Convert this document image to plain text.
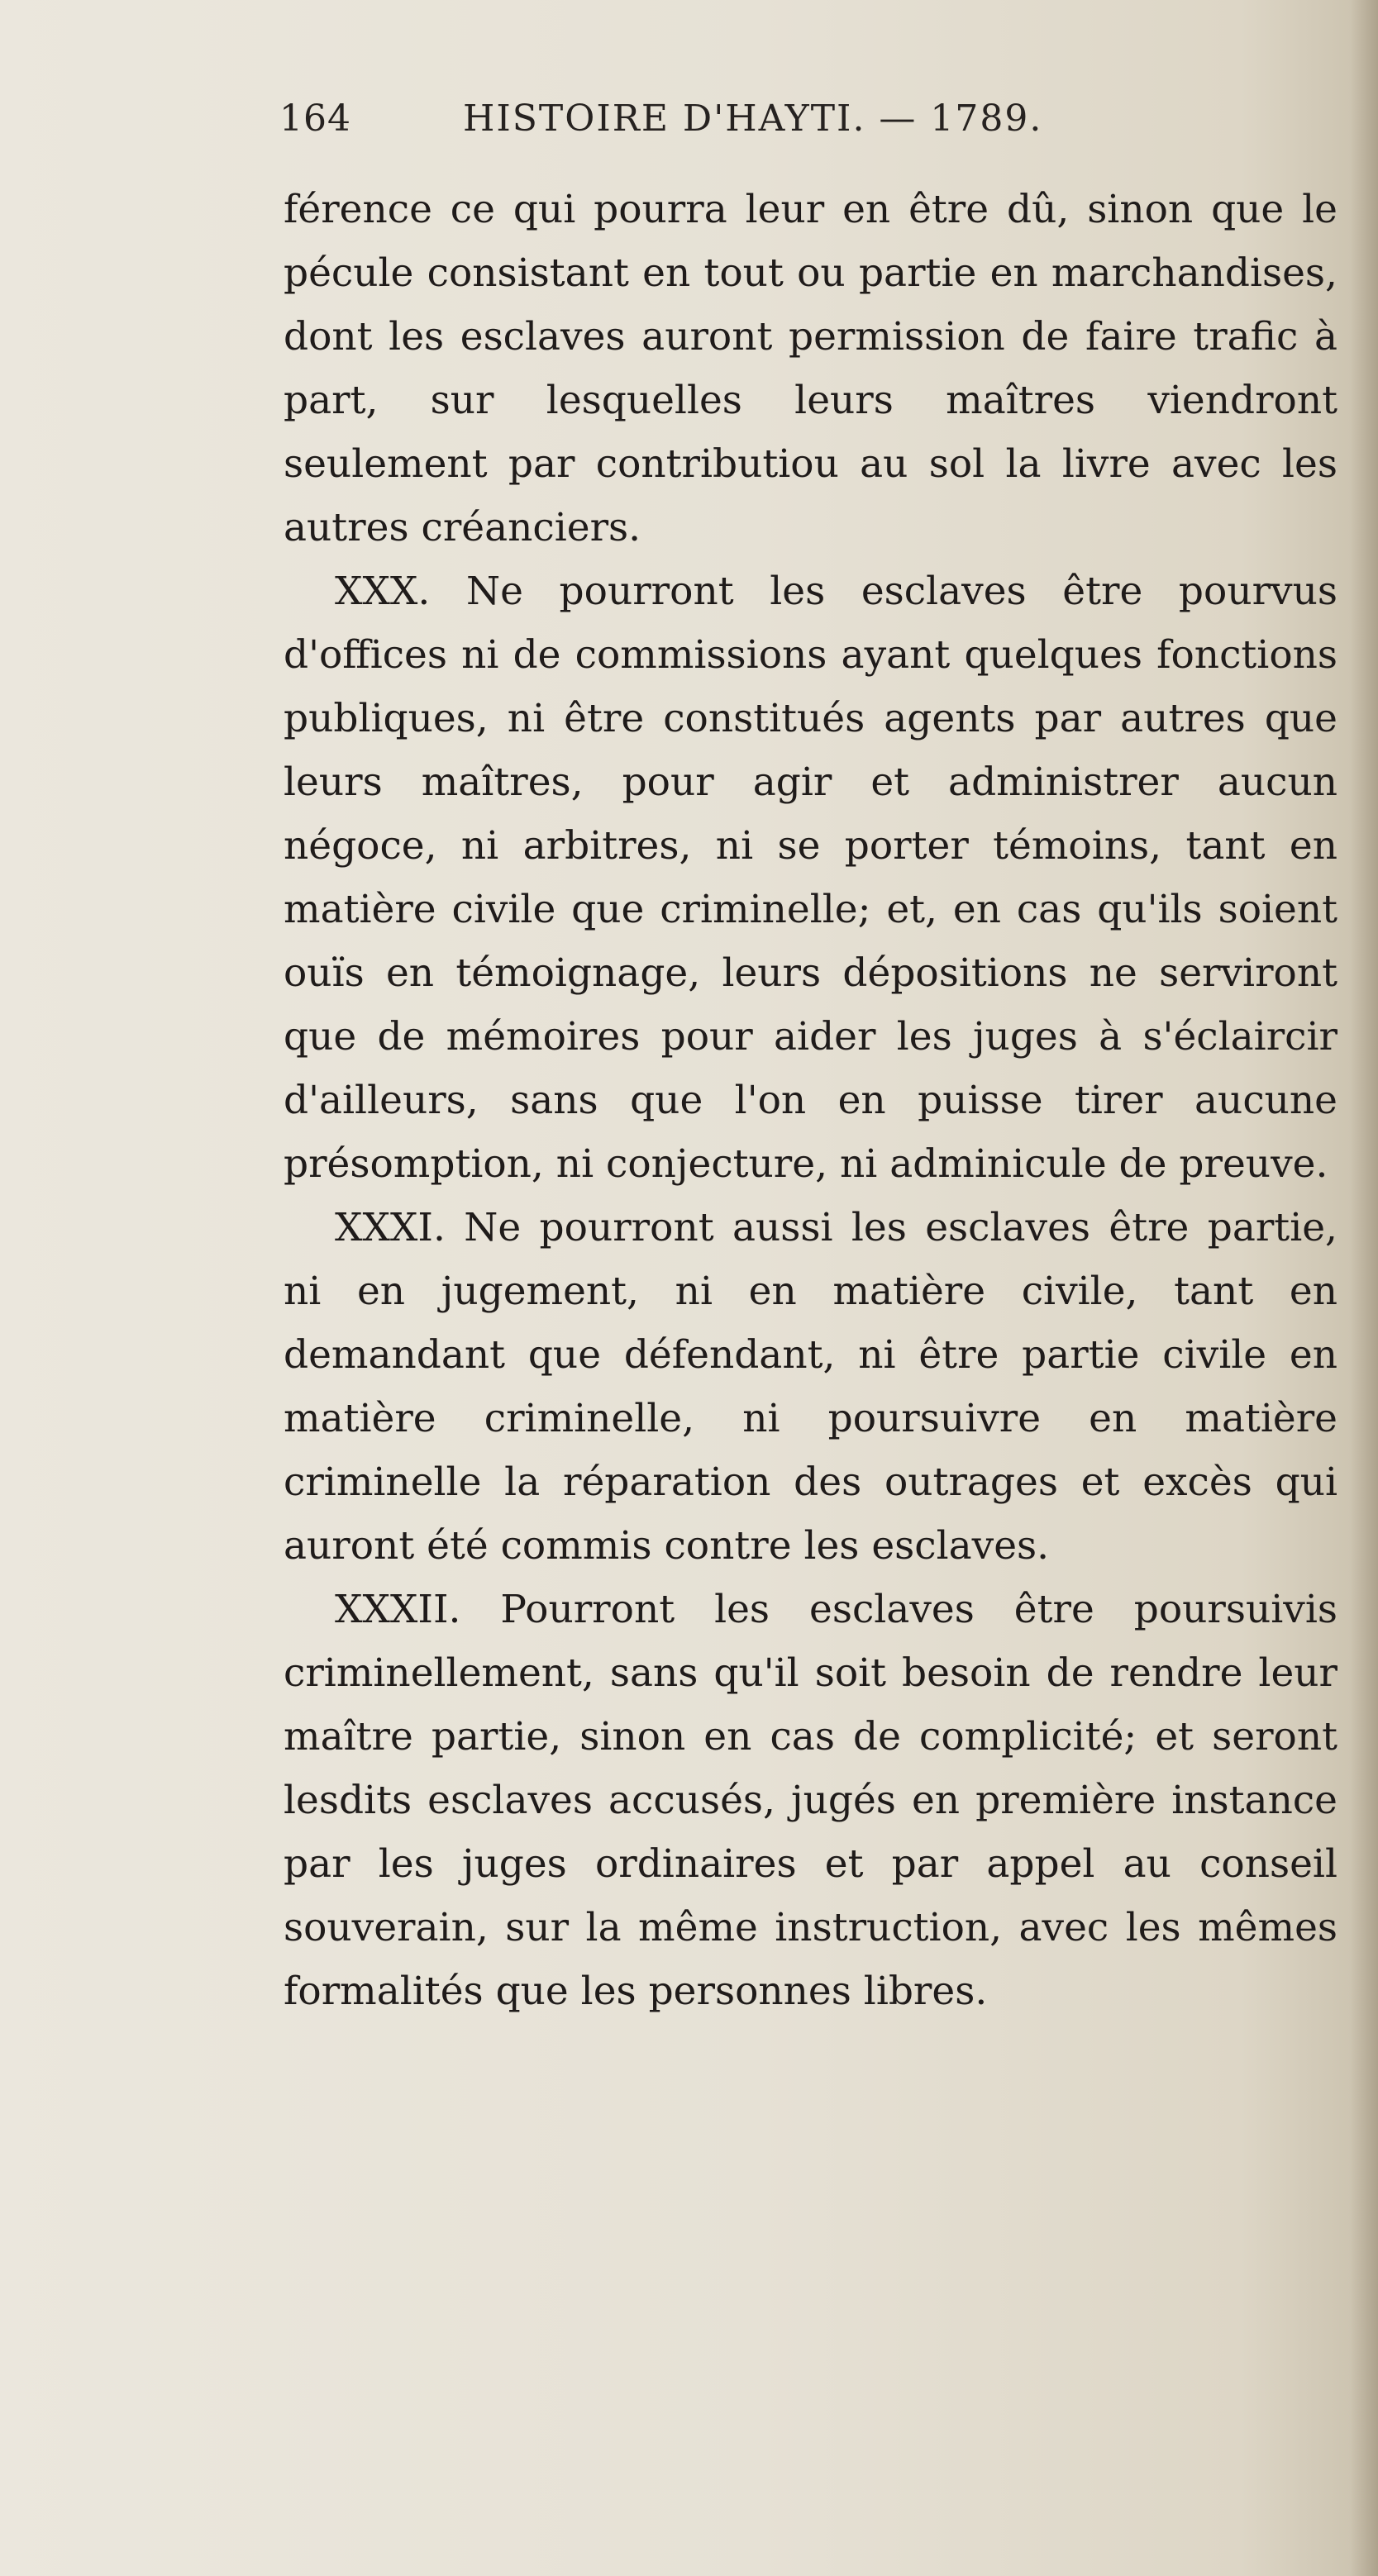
164	HISTOIRE D'HAYTI. — 1789.

férence ce qui pourra leur en être dû, sinon que le pécule consistant en tout ou partie en marchandises, dont les esclaves auront permission de faire trafic à part, sur lesquelles leurs maîtres viendront seulement par contributiou au sol la livre avec les autres créanciers.

XXX. Ne pourront les esclaves être pourvus d'offices ni de commissions ayant quelques fonctions publiques, ni être constitués agents par autres que leurs maîtres, pour agir et administrer aucun négoce, ni arbitres, ni se porter témoins, tant en matière civile que criminelle; et, en cas qu'ils soient ouïs en témoignage, leurs dépositions ne serviront que de mémoires pour aider les juges à s'éclaircir d'ailleurs, sans que l'on en puisse tirer aucune présomption, ni conjecture, ni adminicule de preuve.

XXXI. Ne pourront aussi les esclaves être partie, ni en jugement, ni en matière civile, tant en demandant que défendant, ni être partie civile en matière criminelle, ni poursuivre en matière criminelle la réparation des outrages et excès qui auront été commis contre les esclaves.

XXXII. Pourront les esclaves être poursuivis criminellement, sans qu'il soit besoin de rendre leur maître partie, sinon en cas de complicité; et seront lesdits esclaves accusés, jugés en première instance par les juges ordinaires et par appel au conseil souverain, sur la même instruction, avec les mêmes formalités que les personnes libres.
